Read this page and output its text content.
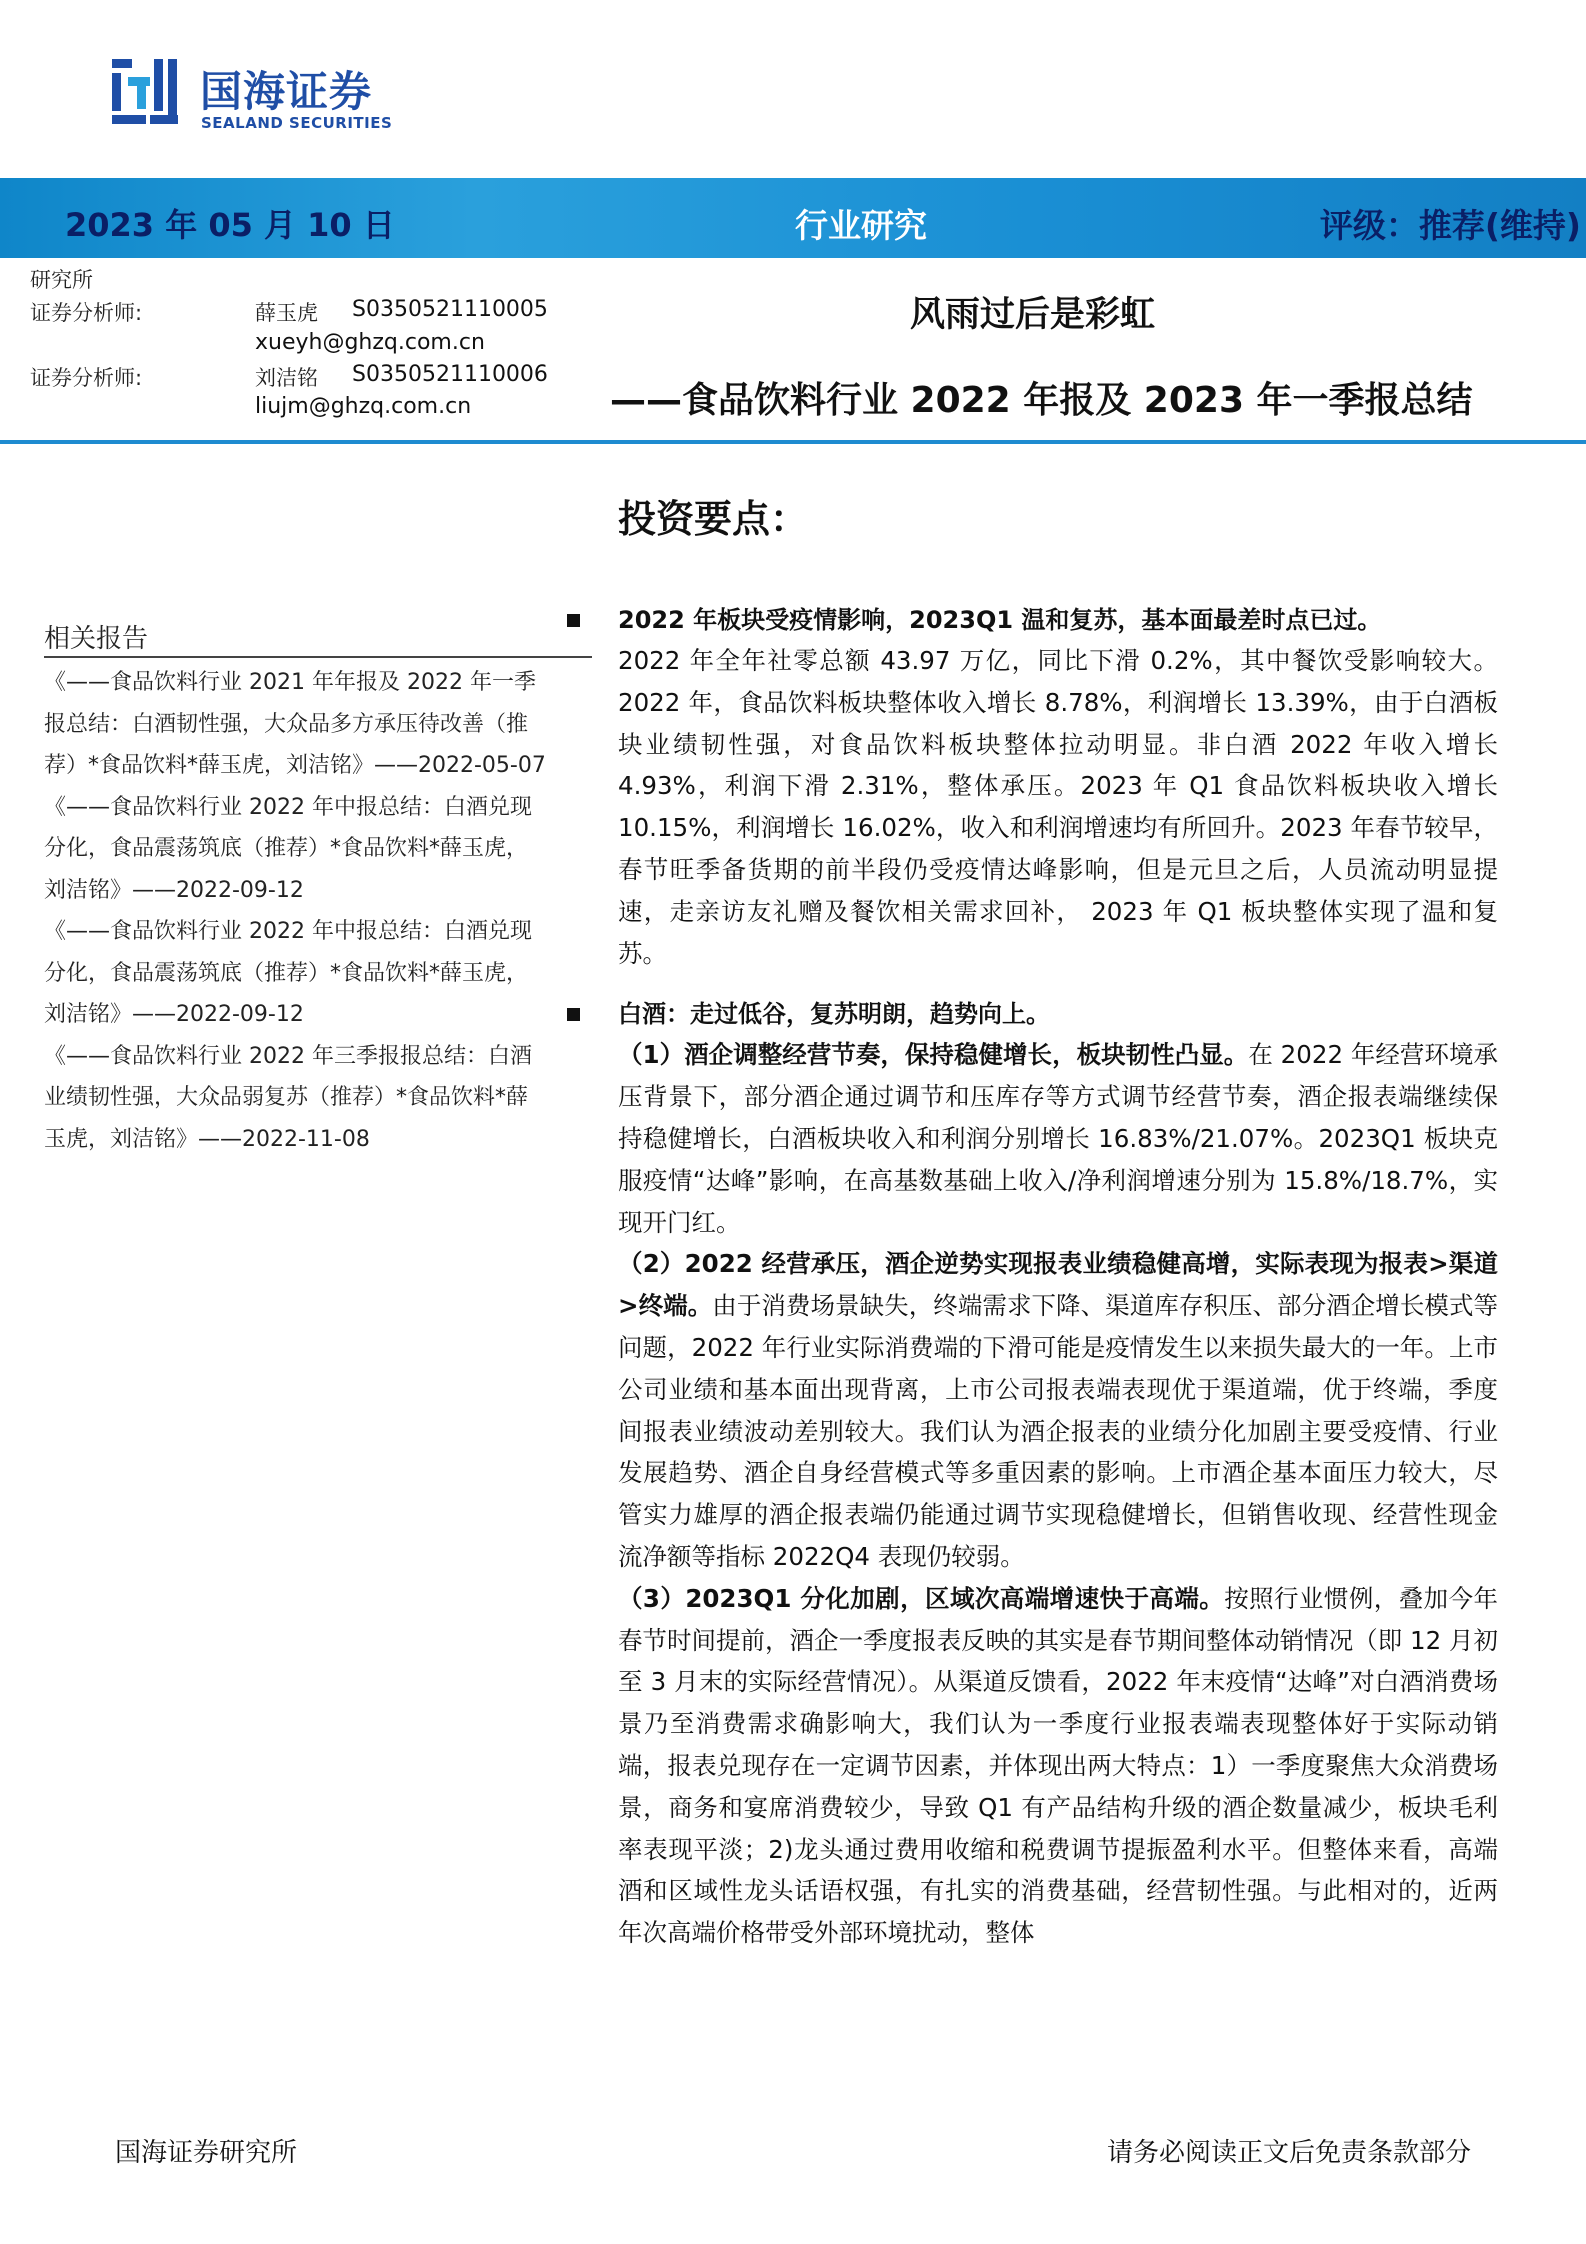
国海证券
SEALAND SECURITIES
2023 年 05 月 10 日	行业研究	评级：推荐(维持)
研究所
证券分析师:	薛玉虎 S0350521110005
xueyh@ghzq.com.cn
证券分析师:	刘洁铭 S0350521110006
liujm@ghzq.com.cn
风雨过后是彩虹
——食品饮料行业 2022 年报及 2023 年一季报总结
投资要点：
相关报告
《——食品饮料行业 2021 年年报及 2022 年一季
报总结：白酒韧性强，大众品多方承压待改善（推
荐）*食品饮料*薛玉虎，刘洁铭》——2022-05-07
《——食品饮料行业 2022 年中报总结：白酒兑现
分化，食品震荡筑底（推荐）*食品饮料*薛玉虎，
刘洁铭》——2022-09-12
《——食品饮料行业 2022 年中报总结：白酒兑现
分化，食品震荡筑底（推荐）*食品饮料*薛玉虎，
刘洁铭》——2022-09-12
《——食品饮料行业 2022 年三季报报总结：白酒
业绩韧性强，大众品弱复苏（推荐）*食品饮料*薛
玉虎，刘洁铭》——2022-11-08
2022 年板块受疫情影响，2023Q1 温和复苏，基本面最差时点已过。

2022 年全年社零总额 43.97 万亿，同比下滑 0.2%，其中餐饮受影响较大。2022 年，食品饮料板块整体收入增长 8.78%，利润增长 13.39%，由于白酒板块业绩韧性强，对食品饮料板块整体拉动明显。非白酒 2022 年收入增长 4.93%，利润下滑 2.31%，整体承压。2023 年 Q1 食品饮料板块收入增长 10.15%，利润增长 16.02%，收入和利润增速均有所回升。2023 年春节较早，春节旺季备货期的前半段仍受疫情达峰影响，但是元旦之后，人员流动明显提速，走亲访友礼赠及餐饮相关需求回补， 2023 年 Q1 板块整体实现了温和复苏。

白酒：走过低谷，复苏明朗，趋势向上。

（1）酒企调整经营节奏，保持稳健增长，板块韧性凸显。在 2022 年经营环境承压背景下，部分酒企通过调节和压库存等方式调节经营节奏，酒企报表端继续保持稳健增长，白酒板块收入和利润分别增长 16.83%/21.07%。2023Q1 板块克服疫情“达峰”影响，在高基数基础上收入/净利润增速分别为 15.8%/18.7%，实现开门红。

（2）2022 经营承压，酒企逆势实现报表业绩稳健高增，实际表现为报表>渠道>终端。由于消费场景缺失，终端需求下降、渠道库存积压、部分酒企增长模式等问题，2022 年行业实际消费端的下滑可能是疫情发生以来损失最大的一年。上市公司业绩和基本面出现背离，上市公司报表端表现优于渠道端，优于终端，季度间报表业绩波动差别较大。我们认为酒企报表的业绩分化加剧主要受疫情、行业发展趋势、酒企自身经营模式等多重因素的影响。上市酒企基本面压力较大，尽管实力雄厚的酒企报表端仍能通过调节实现稳健增长，但销售收现、经营性现金流净额等指标 2022Q4 表现仍较弱。

（3）2023Q1 分化加剧，区域次高端增速快于高端。按照行业惯例，叠加今年春节时间提前，酒企一季度报表反映的其实是春节期间整体动销情况（即 12 月初至 3 月末的实际经营情况）。从渠道反馈看，2022 年末疫情“达峰”对白酒消费场景乃至消费需求确影响大，我们认为一季度行业报表端表现整体好于实际动销端，报表兑现存在一定调节因素，并体现出两大特点：1）一季度聚焦大众消费场景，商务和宴席消费较少，导致 Q1 有产品结构升级的酒企数量减少，板块毛利率表现平淡；2)龙头通过费用收缩和税费调节提振盈利水平。但整体来看，高端酒和区域性龙头话语权强，有扎实的消费基础，经营韧性强。与此相对的，近两年次高端价格带受外部环境扰动，整体

国海证券研究所	请务必阅读正文后免责条款部分
